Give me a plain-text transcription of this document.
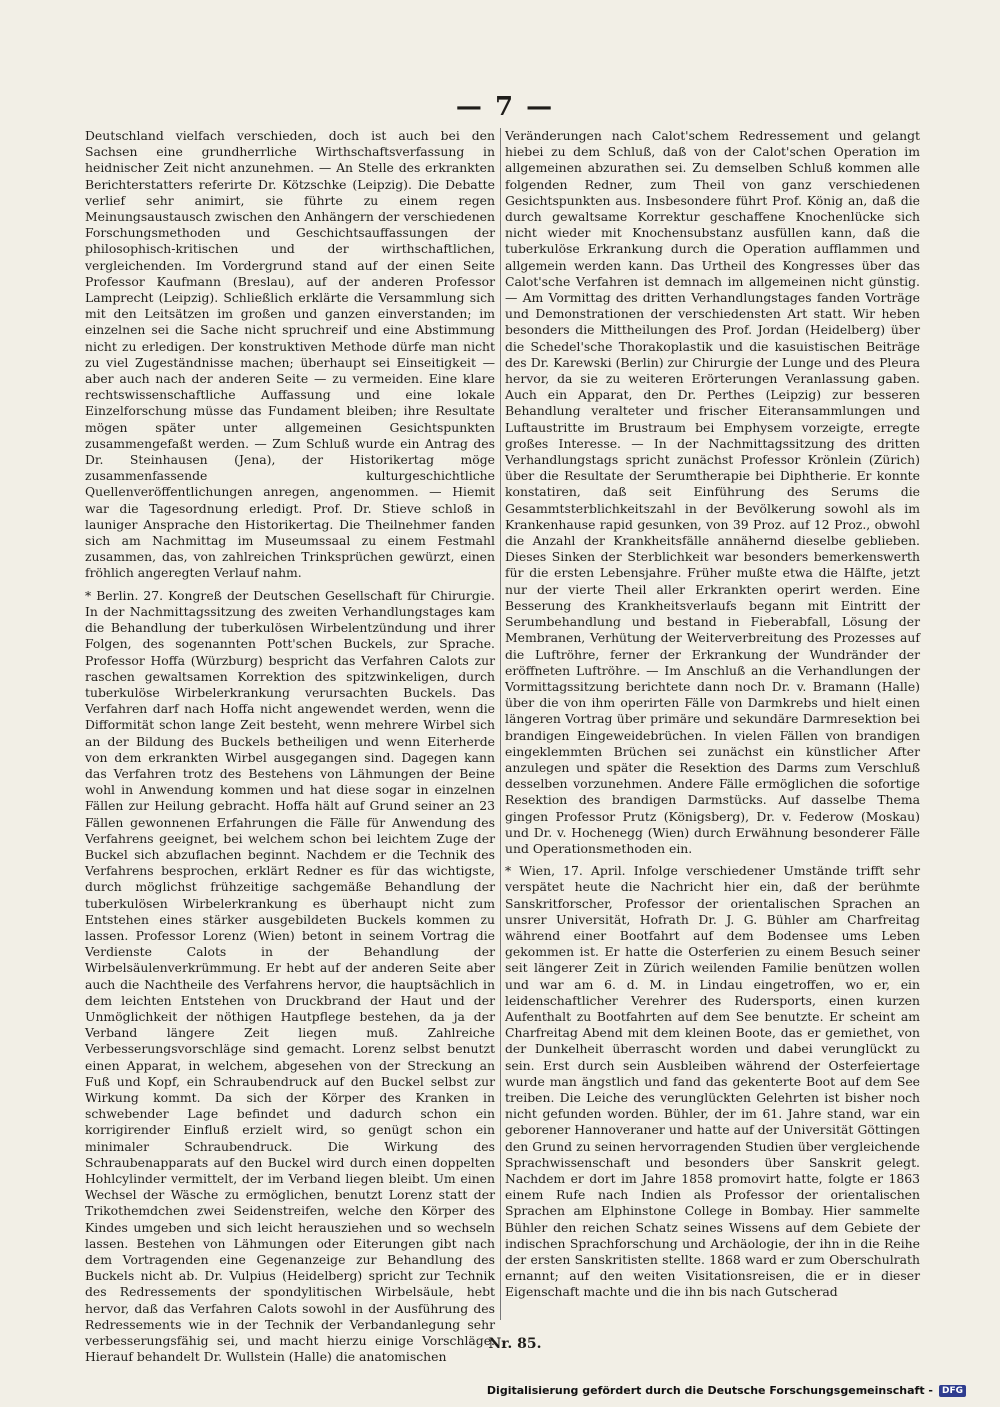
— 7 —

Deutschland vielfach verschieden, doch ist auch bei den Sachsen eine grundherrliche Wirthschaftsverfassung in heidnischer Zeit nicht anzunehmen. — An Stelle des erkrankten Berichterstatters referirte Dr. Kötzschke (Leipzig). Die Debatte verlief sehr animirt, sie führte zu einem regen Meinungsaustausch zwischen den Anhängern der verschiedenen Forschungsmethoden und Geschichtsauffassungen der philosophisch-kritischen und der wirthschaftlichen, vergleichenden. Im Vordergrund stand auf der einen Seite Professor Kaufmann (Breslau), auf der anderen Professor Lamprecht (Leipzig). Schließlich erklärte die Versammlung sich mit den Leitsätzen im großen und ganzen einverstanden; im einzelnen sei die Sache nicht spruchreif und eine Abstimmung nicht zu erledigen. Der konstruktiven Methode dürfe man nicht zu viel Zugeständnisse machen; überhaupt sei Einseitigkeit — aber auch nach der anderen Seite — zu vermeiden. Eine klare rechtswissenschaftliche Auffassung und eine lokale Einzelforschung müsse das Fundament bleiben; ihre Resultate mögen später unter allgemeinen Gesichtspunkten zusammengefaßt werden. — Zum Schluß wurde ein Antrag des Dr. Steinhausen (Jena), der Historikertag möge zusammenfassende kulturgeschichtliche Quellenveröffentlichungen anregen, angenommen. — Hiemit war die Tagesordnung erledigt. Prof. Dr. Stieve schloß in launiger Ansprache den Historikertag. Die Theilnehmer fanden sich am Nachmittag im Museumssaal zu einem Festmahl zusammen, das, von zahlreichen Trinksprüchen gewürzt, einen fröhlich angeregten Verlauf nahm.

* Berlin. 27. Kongreß der Deutschen Gesellschaft für Chirurgie. In der Nachmittagssitzung des zweiten Verhandlungstages kam die Behandlung der tuberkulösen Wirbelentzündung und ihrer Folgen, des sogenannten Pott'schen Buckels, zur Sprache. Professor Hoffa (Würzburg) bespricht das Verfahren Calots zur raschen gewaltsamen Korrektion des spitzwinkeligen, durch tuberkulöse Wirbelerkrankung verursachten Buckels. Das Verfahren darf nach Hoffa nicht angewendet werden, wenn die Difformität schon lange Zeit besteht, wenn mehrere Wirbel sich an der Bildung des Buckels betheiligen und wenn Eiterherde von dem erkrankten Wirbel ausgegangen sind. Dagegen kann das Verfahren trotz des Bestehens von Lähmungen der Beine wohl in Anwendung kommen und hat diese sogar in einzelnen Fällen zur Heilung gebracht. Hoffa hält auf Grund seiner an 23 Fällen gewonnenen Erfahrungen die Fälle für Anwendung des Verfahrens geeignet, bei welchem schon bei leichtem Zuge der Buckel sich abzuflachen beginnt. Nachdem er die Technik des Verfahrens besprochen, erklärt Redner es für das wichtigste, durch möglichst frühzeitige sachgemäße Behandlung der tuberkulösen Wirbelerkrankung es überhaupt nicht zum Entstehen eines stärker ausgebildeten Buckels kommen zu lassen. Professor Lorenz (Wien) betont in seinem Vortrag die Verdienste Calots in der Behandlung der Wirbelsäulenverkrümmung. Er hebt auf der anderen Seite aber auch die Nachtheile des Verfahrens hervor, die hauptsächlich in dem leichten Entstehen von Druckbrand der Haut und der Unmöglichkeit der nöthigen Hautpflege bestehen, da ja der Verband längere Zeit liegen muß. Zahlreiche Verbesserungsvorschläge sind gemacht. Lorenz selbst benutzt einen Apparat, in welchem, abgesehen von der Streckung an Fuß und Kopf, ein Schraubendruck auf den Buckel selbst zur Wirkung kommt. Da sich der Körper des Kranken in schwebender Lage befindet und dadurch schon ein korrigirender Einfluß erzielt wird, so genügt schon ein minimaler Schraubendruck. Die Wirkung des Schraubenapparats auf den Buckel wird durch einen doppelten Hohlcylinder vermittelt, der im Verband liegen bleibt. Um einen Wechsel der Wäsche zu ermöglichen, benutzt Lorenz statt der Trikothemdchen zwei Seidenstreifen, welche den Körper des Kindes umgeben und sich leicht herausziehen und so wechseln lassen. Bestehen von Lähmungen oder Eiterungen gibt nach dem Vortragenden eine Gegenanzeige zur Behandlung des Buckels nicht ab. Dr. Vulpius (Heidelberg) spricht zur Technik des Redressements der spondylitischen Wirbelsäule, hebt hervor, daß das Verfahren Calots sowohl in der Ausführung des Redressements wie in der Technik der Verbandanlegung sehr verbesserungsfähig sei, und macht hierzu einige Vorschläge. Hierauf behandelt Dr. Wullstein (Halle) die anatomischen

Veränderungen nach Calot'schem Redressement und gelangt hiebei zu dem Schluß, daß von der Calot'schen Operation im allgemeinen abzurathen sei. Zu demselben Schluß kommen alle folgenden Redner, zum Theil von ganz verschiedenen Gesichtspunkten aus. Insbesondere führt Prof. König an, daß die durch gewaltsame Korrektur geschaffene Knochenlücke sich nicht wieder mit Knochensubstanz ausfüllen kann, daß die tuberkulöse Erkrankung durch die Operation aufflammen und allgemein werden kann. Das Urtheil des Kongresses über das Calot'sche Verfahren ist demnach im allgemeinen nicht günstig. — Am Vormittag des dritten Verhandlungstages fanden Vorträge und Demonstrationen der verschiedensten Art statt. Wir heben besonders die Mittheilungen des Prof. Jordan (Heidelberg) über die Schedel'sche Thorakoplastik und die kasuistischen Beiträge des Dr. Karewski (Berlin) zur Chirurgie der Lunge und des Pleura hervor, da sie zu weiteren Erörterungen Veranlassung gaben. Auch ein Apparat, den Dr. Perthes (Leipzig) zur besseren Behandlung veralteter und frischer Eiteransammlungen und Luftaustritte im Brustraum bei Emphysem vorzeigte, erregte großes Interesse. — In der Nachmittagssitzung des dritten Verhandlungstags spricht zunächst Professor Krönlein (Zürich) über die Resultate der Serumtherapie bei Diphtherie. Er konnte konstatiren, daß seit Einführung des Serums die Gesammtsterblichkeitszahl in der Bevölkerung sowohl als im Krankenhause rapid gesunken, von 39 Proz. auf 12 Proz., obwohl die Anzahl der Krankheitsfälle annähernd dieselbe geblieben. Dieses Sinken der Sterblichkeit war besonders bemerkenswerth für die ersten Lebensjahre. Früher mußte etwa die Hälfte, jetzt nur der vierte Theil aller Erkrankten operirt werden. Eine Besserung des Krankheitsverlaufs begann mit Eintritt der Serumbehandlung und bestand in Fieberabfall, Lösung der Membranen, Verhütung der Weiterverbreitung des Prozesses auf die Luftröhre, ferner der Erkrankung der Wundränder der eröffneten Luftröhre. — Im Anschluß an die Verhandlungen der Vormittagssitzung berichtete dann noch Dr. v. Bramann (Halle) über die von ihm operirten Fälle von Darmkrebs und hielt einen längeren Vortrag über primäre und sekundäre Darmresektion bei brandigen Eingeweidebrüchen. In vielen Fällen von brandigen eingeklemmten Brüchen sei zunächst ein künstlicher After anzulegen und später die Resektion des Darms zum Verschluß desselben vorzunehmen. Andere Fälle ermöglichen die sofortige Resektion des brandigen Darmstücks. Auf dasselbe Thema gingen Professor Prutz (Königsberg), Dr. v. Federow (Moskau) und Dr. v. Hochenegg (Wien) durch Erwähnung besonderer Fälle und Operationsmethoden ein.

* Wien, 17. April. Infolge verschiedener Umstände trifft sehr verspätet heute die Nachricht hier ein, daß der berühmte Sanskritforscher, Professor der orientalischen Sprachen an unsrer Universität, Hofrath Dr. J. G. Bühler am Charfreitag während einer Bootfahrt auf dem Bodensee ums Leben gekommen ist. Er hatte die Osterferien zu einem Besuch seiner seit längerer Zeit in Zürich weilenden Familie benützen wollen und war am 6. d. M. in Lindau eingetroffen, wo er, ein leidenschaftlicher Verehrer des Rudersports, einen kurzen Aufenthalt zu Bootfahrten auf dem See benutzte. Er scheint am Charfreitag Abend mit dem kleinen Boote, das er gemiethet, von der Dunkelheit überrascht worden und dabei verunglückt zu sein. Erst durch sein Ausbleiben während der Osterfeiertage wurde man ängstlich und fand das gekenterte Boot auf dem See treiben. Die Leiche des verunglückten Gelehrten ist bisher noch nicht gefunden worden. Bühler, der im 61. Jahre stand, war ein geborener Hannoveraner und hatte auf der Universität Göttingen den Grund zu seinen hervorragenden Studien über vergleichende Sprachwissenschaft und besonders über Sanskrit gelegt. Nachdem er dort im Jahre 1858 promovirt hatte, folgte er 1863 einem Rufe nach Indien als Professor der orientalischen Sprachen am Elphinstone College in Bombay. Hier sammelte Bühler den reichen Schatz seines Wissens auf dem Gebiete der indischen Sprachforschung und Archäologie, der ihn in die Reihe der ersten Sanskritisten stellte. 1868 ward er zum Oberschulrath ernannt; auf den weiten Visitationsreisen, die er in dieser Eigenschaft machte und die ihn bis nach Gutscherad

Nr. 85.
Digitalisierung gefördert durch die Deutsche Forschungsgemeinschaft -	DFG
